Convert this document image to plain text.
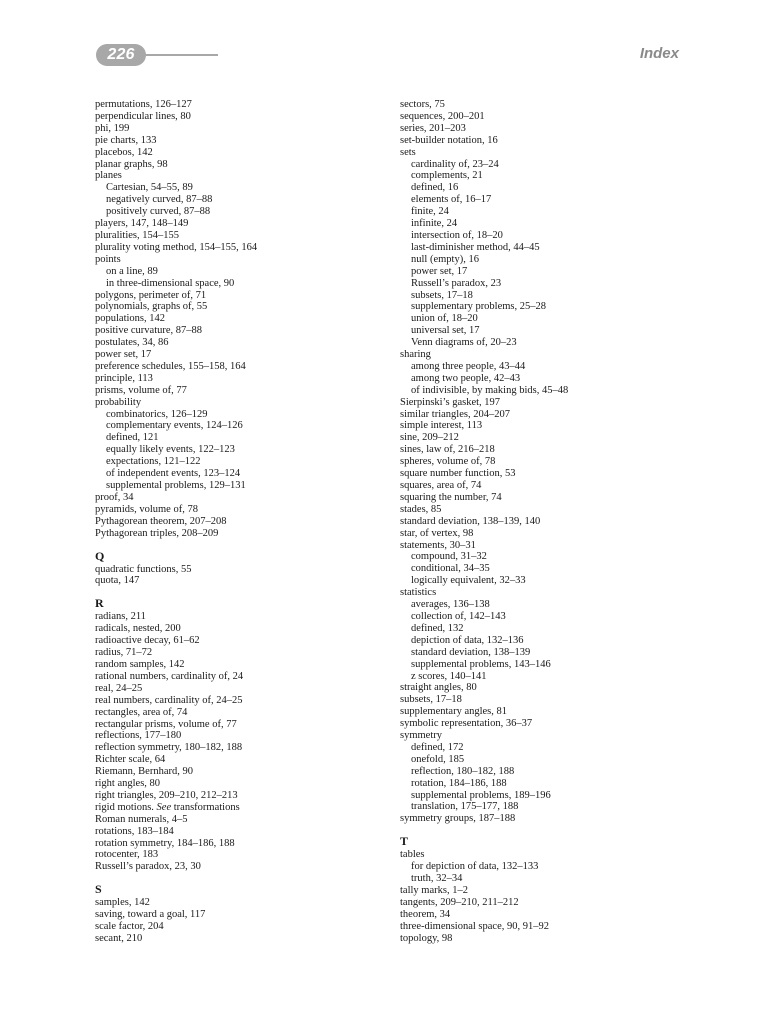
226	Index
permutations, 126–127
perpendicular lines, 80
phi, 199
pie charts, 133
placebos, 142
planar graphs, 98
planes
Cartesian, 54–55, 89
negatively curved, 87–88
positively curved, 87–88
players, 147, 148–149
pluralities, 154–155
plurality voting method, 154–155, 164
points
on a line, 89
in three-dimensional space, 90
polygons, perimeter of, 71
polynomials, graphs of, 55
populations, 142
positive curvature, 87–88
postulates, 34, 86
power set, 17
preference schedules, 155–158, 164
principle, 113
prisms, volume of, 77
probability
combinatorics, 126–129
complementary events, 124–126
defined, 121
equally likely events, 122–123
expectations, 121–122
of independent events, 123–124
supplemental problems, 129–131
proof, 34
pyramids, volume of, 78
Pythagorean theorem, 207–208
Pythagorean triples, 208–209
Q
quadratic functions, 55
quota, 147
R
radians, 211
radicals, nested, 200
radioactive decay, 61–62
radius, 71–72
random samples, 142
rational numbers, cardinality of, 24
real, 24–25
real numbers, cardinality of, 24–25
rectangles, area of, 74
rectangular prisms, volume of, 77
reflections, 177–180
reflection symmetry, 180–182, 188
Richter scale, 64
Riemann, Bernhard, 90
right angles, 80
right triangles, 209–210, 212–213
rigid motions. See transformations
Roman numerals, 4–5
rotations, 183–184
rotation symmetry, 184–186, 188
rotocenter, 183
Russell’s paradox, 23, 30
S
samples, 142
saving, toward a goal, 117
scale factor, 204
secant, 210
sectors, 75
sequences, 200–201
series, 201–203
set-builder notation, 16
sets
cardinality of, 23–24
complements, 21
defined, 16
elements of, 16–17
finite, 24
infinite, 24
intersection of, 18–20
last-diminisher method, 44–45
null (empty), 16
power set, 17
Russell’s paradox, 23
subsets, 17–18
supplementary problems, 25–28
union of, 18–20
universal set, 17
Venn diagrams of, 20–23
sharing
among three people, 43–44
among two people, 42–43
of indivisible, by making bids, 45–48
Sierpinski’s gasket, 197
similar triangles, 204–207
simple interest, 113
sine, 209–212
sines, law of, 216–218
spheres, volume of, 78
square number function, 53
squares, area of, 74
squaring the number, 74
stades, 85
standard deviation, 138–139, 140
star, of vertex, 98
statements, 30–31
compound, 31–32
conditional, 34–35
logically equivalent, 32–33
statistics
averages, 136–138
collection of, 142–143
defined, 132
depiction of data, 132–136
standard deviation, 138–139
supplemental problems, 143–146
z scores, 140–141
straight angles, 80
subsets, 17–18
supplementary angles, 81
symbolic representation, 36–37
symmetry
defined, 172
onefold, 185
reflection, 180–182, 188
rotation, 184–186, 188
supplemental problems, 189–196
translation, 175–177, 188
symmetry groups, 187–188
T
tables
for depiction of data, 132–133
truth, 32–34
tally marks, 1–2
tangents, 209–210, 211–212
theorem, 34
three-dimensional space, 90, 91–92
topology, 98
